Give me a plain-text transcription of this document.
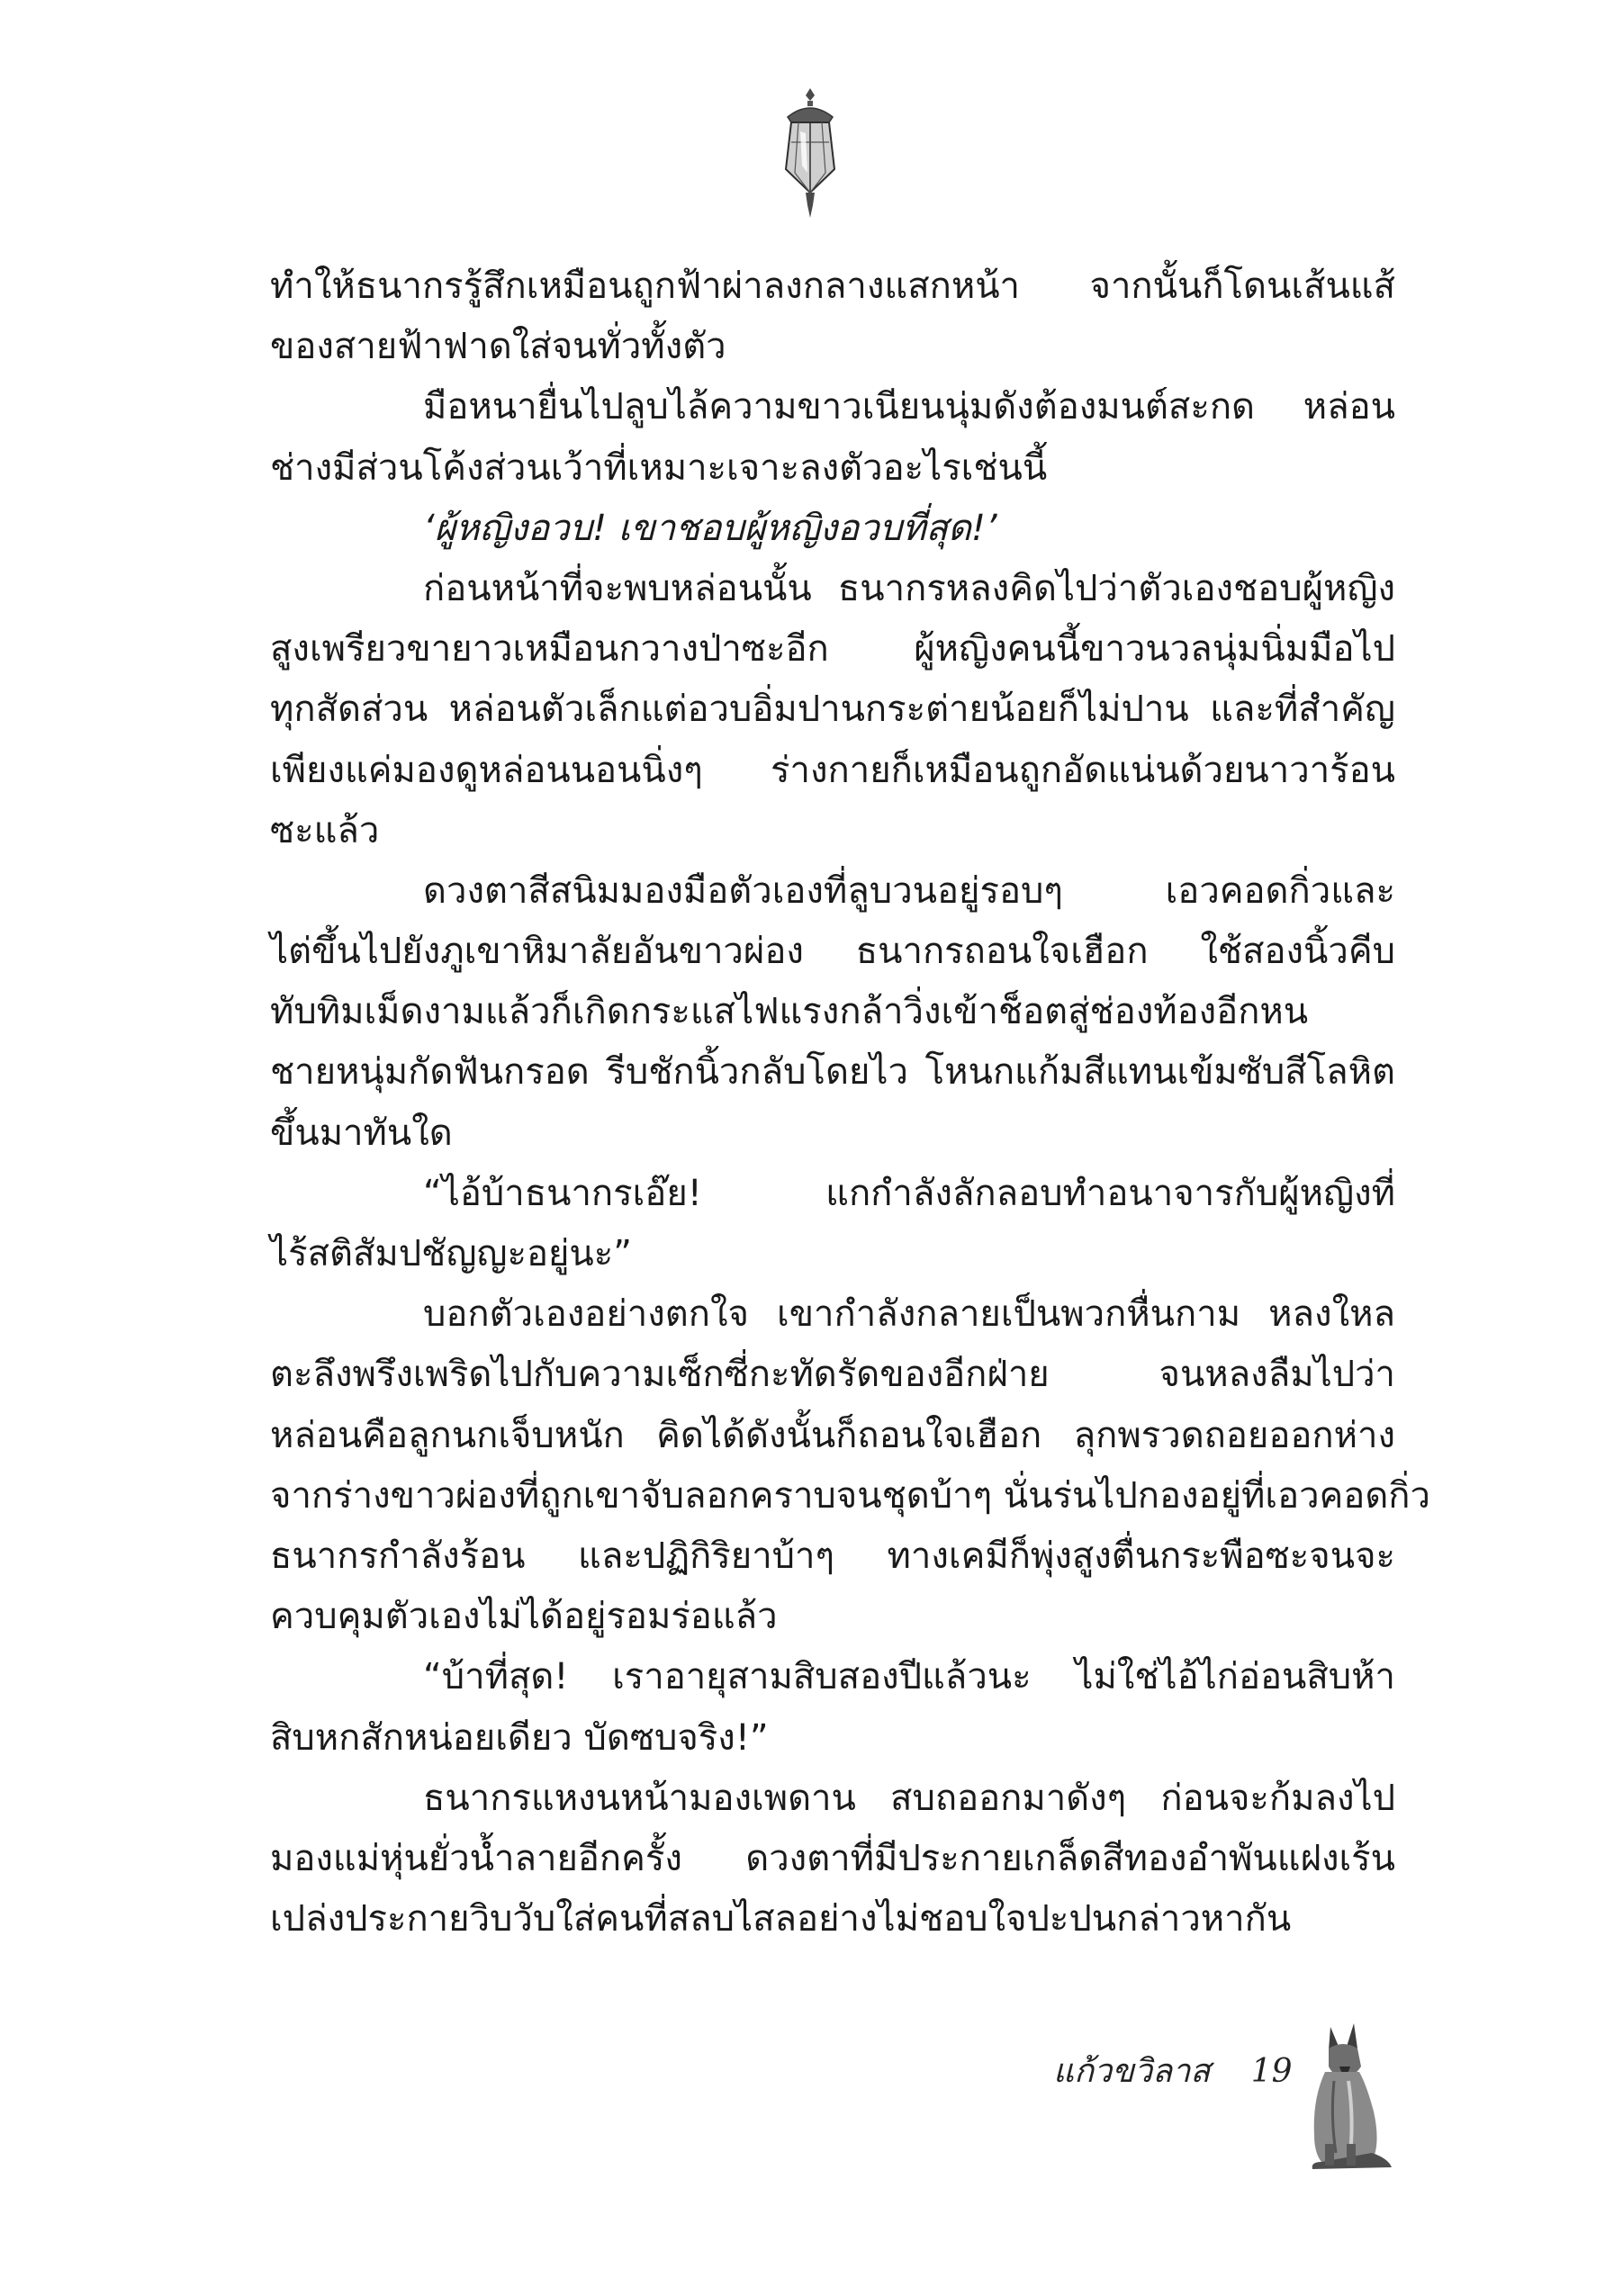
ทำให้ธนากรรู้สึกเหมือนถูกฟ้าผ่าลงกลางแสกหน้า จากนั้นก็โดนเส้นแส้
ของสายฟ้าฟาดใส่จนทั่วทั้งตัว
มือหนายื่นไปลูบไล้ความขาวเนียนนุ่มดังต้องมนต์สะกด หล่อน
ช่างมีส่วนโค้งส่วนเว้าที่เหมาะเจาะลงตัวอะไรเช่นนี้
‘ผู้หญิงอวบ! เขาชอบผู้หญิงอวบที่สุด!’
ก่อนหน้าที่จะพบหล่อนนั้น ธนากรหลงคิดไปว่าตัวเองชอบผู้หญิง
สูงเพรียวขายาวเหมือนกวางป่าซะอีก ผู้หญิงคนนี้ขาวนวลนุ่มนิ่มมือไป
ทุกสัดส่วน หล่อนตัวเล็กแต่อวบอิ่มปานกระต่ายน้อยก็ไม่ปาน และที่สำคัญ
เพียงแค่มองดูหล่อนนอนนิ่งๆ ร่างกายก็เหมือนถูกอัดแน่นด้วยนาวาร้อน
ซะแล้ว
ดวงตาสีสนิมมองมือตัวเองที่ลูบวนอยู่รอบๆ เอวคอดกิ่วและ
ไต่ขึ้นไปยังภูเขาหิมาลัยอันขาวผ่อง ธนากรถอนใจเฮือก ใช้สองนิ้วคีบ
ทับทิมเม็ดงามแล้วก็เกิดกระแสไฟแรงกล้าวิ่งเข้าช็อตสู่ช่องท้องอีกหน
ชายหนุ่มกัดฟันกรอด รีบชักนิ้วกลับโดยไว โหนกแก้มสีแทนเข้มซับสีโลหิต
ขึ้นมาทันใด
“ไอ้บ้าธนากรเอ๊ย! แกกำลังลักลอบทำอนาจารกับผู้หญิงที่
ไร้สติสัมปชัญญะอยู่นะ”
บอกตัวเองอย่างตกใจ เขากำลังกลายเป็นพวกหื่นกาม หลงใหล
ตะลึงพรึงเพริดไปกับความเซ็กซี่กะทัดรัดของอีกฝ่าย จนหลงลืมไปว่า
หล่อนคือลูกนกเจ็บหนัก คิดได้ดังนั้นก็ถอนใจเฮือก ลุกพรวดถอยออกห่าง
จากร่างขาวผ่องที่ถูกเขาจับลอกคราบจนชุดบ้าๆ นั่นร่นไปกองอยู่ที่เอวคอดกิ่ว
ธนากรกำลังร้อน และปฏิกิริยาบ้าๆ ทางเคมีก็พุ่งสูงตื่นกระพือซะจนจะ
ควบคุมตัวเองไม่ได้อยู่รอมร่อแล้ว
“บ้าที่สุด! เราอายุสามสิบสองปีแล้วนะ ไม่ใช่ไอ้ไก่อ่อนสิบห้า
สิบหกสักหน่อยเดียว บัดซบจริง!”
ธนากรแหงนหน้ามองเพดาน สบถออกมาดังๆ ก่อนจะก้มลงไป
มองแม่หุ่นยั่วน้ำลายอีกครั้ง ดวงตาที่มีประกายเกล็ดสีทองอำพันแฝงเร้น
เปล่งประกายวิบวับใส่คนที่สลบไสลอย่างไม่ชอบใจปะปนกล่าวหากัน
แก้วขวิลาส 19
